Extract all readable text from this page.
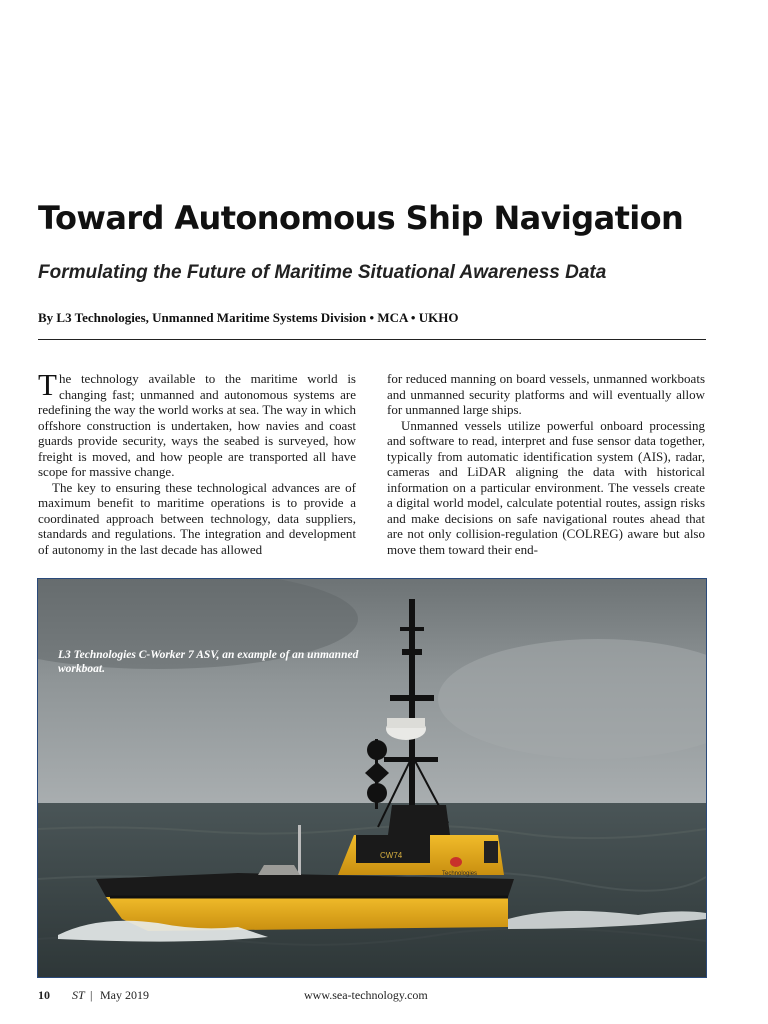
Toward Autonomous Ship Navigation
Formulating the Future of Maritime Situational Awareness Data
By L3 Technologies, Unmanned Maritime Systems Division • MCA • UKHO

The technology available to the maritime world is changing fast; unmanned and autonomous systems are redefining the way the world works at sea. The way in which offshore construction is undertaken, how navies and coast guards provide security, ways the seabed is surveyed, how freight is moved, and how people are transported all have scope for massive change.

The key to ensuring these technological advances are of maximum benefit to maritime operations is to provide a coordinated approach between technology, data suppliers, standards and regulations. The integration and development of autonomy in the last decade has allowed

for reduced manning on board vessels, unmanned workboats and unmanned security platforms and will eventually allow for unmanned large ships.

Unmanned vessels utilize powerful onboard processing and software to read, interpret and fuse sensor data together, typically from automatic identification system (AIS), radar, cameras and LiDAR aligning the data with historical information on a particular environment. The vessels create a digital world model, calculate potential routes, assign risks and make decisions on safe navigational routes ahead that are not only collision-regulation (COLREG) aware but also move them toward their end-

CW74
Technologies

L3 Technologies C-Worker 7 ASV, an example of an unmanned workboat.

10 ST | May 2019	www.sea-technology.com
